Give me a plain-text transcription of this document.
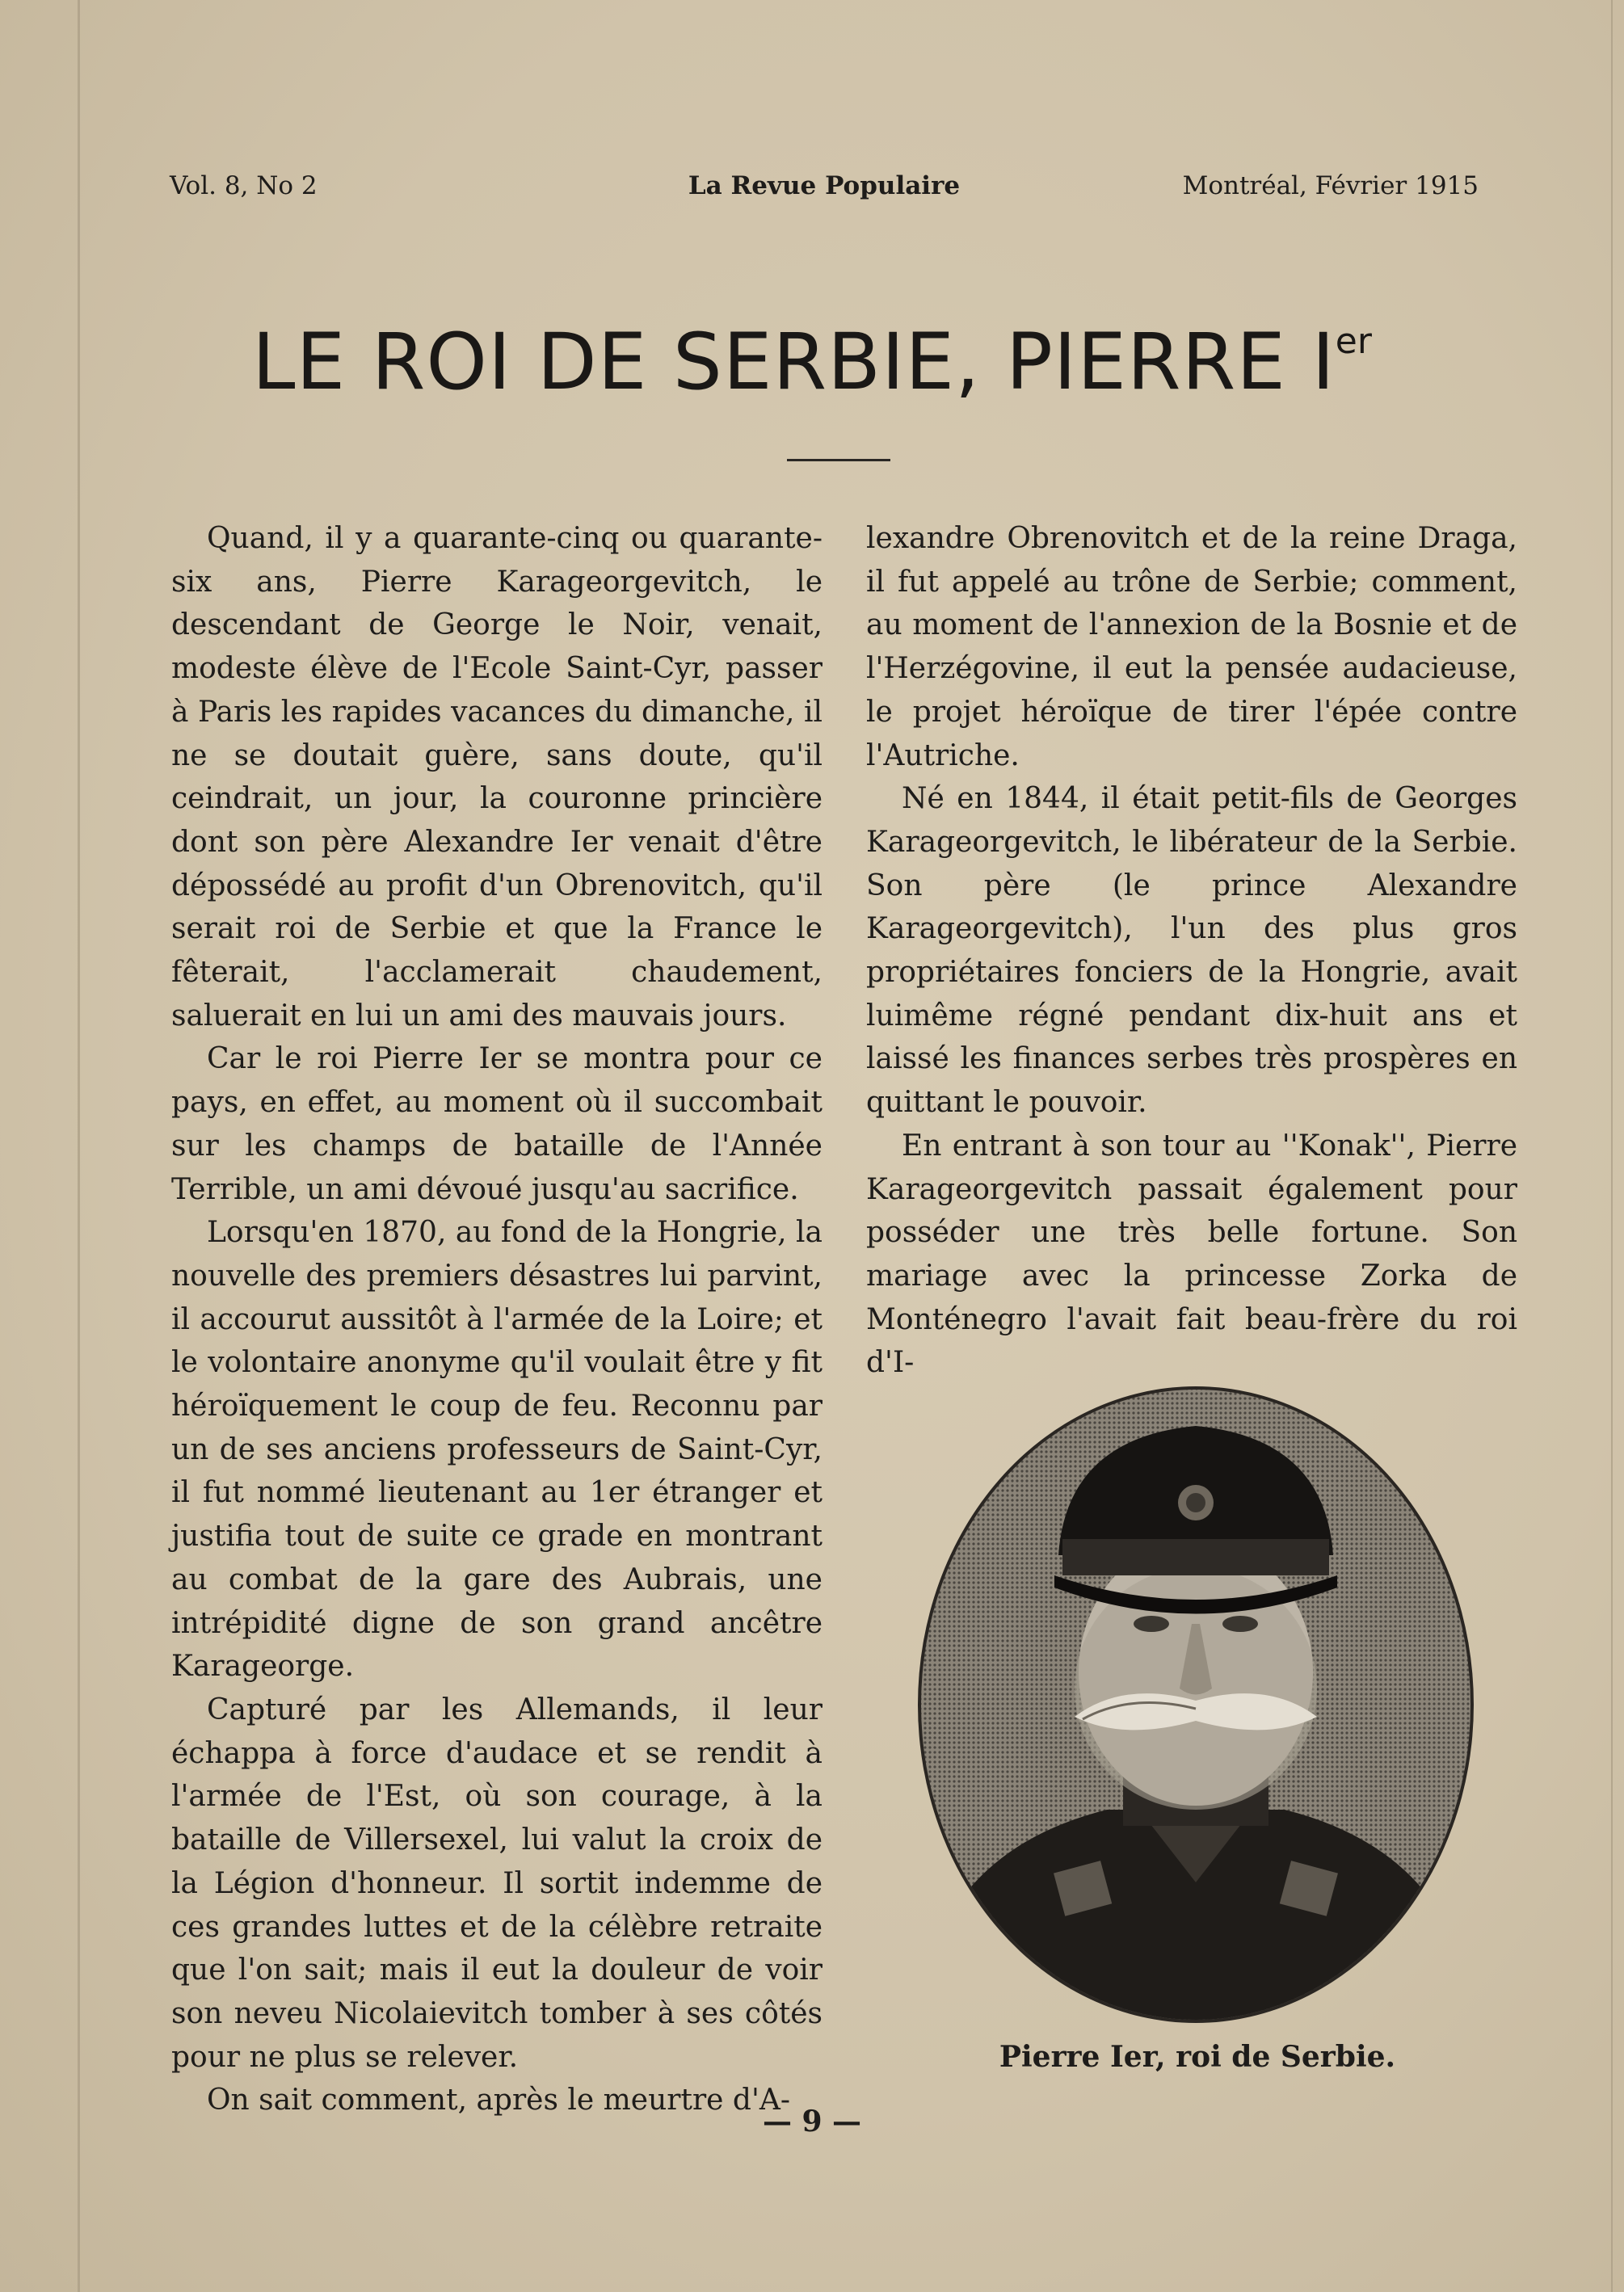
Vol. 8, No 2	La Revue Populaire	Montréal, Février 1915
LE ROI DE SERBIE, PIERRE Ier

Quand, il y a quarante-cinq ou quarante-six ans, Pierre Karageorgevitch, le descendant de George le Noir, venait, modeste élève de l'Ecole Saint-Cyr, passer à Paris les rapides vacances du dimanche, il ne se doutait guère, sans doute, qu'il ceindrait, un jour, la couronne princière dont son père Alexandre Ier venait d'être dépossédé au profit d'un Obrenovitch, qu'il serait roi de Serbie et que la France le fêterait, l'acclamerait chaudement, saluerait en lui un ami des mauvais jours.

Car le roi Pierre Ier se montra pour ce pays, en effet, au moment où il succombait sur les champs de bataille de l'Année Terrible, un ami dévoué jusqu'au sacrifice.

Lorsqu'en 1870, au fond de la Hongrie, la nouvelle des premiers désastres lui parvint, il accourut aussitôt à l'armée de la Loire; et le volontaire anonyme qu'il voulait être y fit héroïquement le coup de feu. Reconnu par un de ses anciens professeurs de Saint-Cyr, il fut nommé lieutenant au 1er étranger et justifia tout de suite ce grade en montrant au combat de la gare des Aubrais, une intrépidité digne de son grand ancêtre Karageorge.

Capturé par les Allemands, il leur échappa à force d'audace et se rendit à l'armée de l'Est, où son courage, à la bataille de Villersexel, lui valut la croix de la Légion d'honneur. Il sortit indemme de ces grandes luttes et de la célèbre retraite que l'on sait; mais il eut la douleur de voir son neveu Nicolaievitch tomber à ses côtés pour ne plus se relever.

On sait comment, après le meurtre d'A-

lexandre Obrenovitch et de la reine Draga, il fut appelé au trône de Serbie; comment, au moment de l'annexion de la Bosnie et de l'Herzégovine, il eut la pensée audacieuse, le projet héroïque de tirer l'épée contre l'Autriche.

Né en 1844, il était petit-fils de Georges Karageorgevitch, le libérateur de la Serbie. Son père (le prince Alexandre Karageorgevitch), l'un des plus gros propriétaires fonciers de la Hongrie, avait luimême régné pendant dix-huit ans et laissé les finances serbes très prospères en quittant le pouvoir.

En entrant à son tour au ''Konak'', Pierre Karageorgevitch passait également pour posséder une très belle fortune. Son mariage avec la princesse Zorka de Monténegro l'avait fait beau-frère du roi d'I-

Pierre Ier, roi de Serbie.
— 9 —
